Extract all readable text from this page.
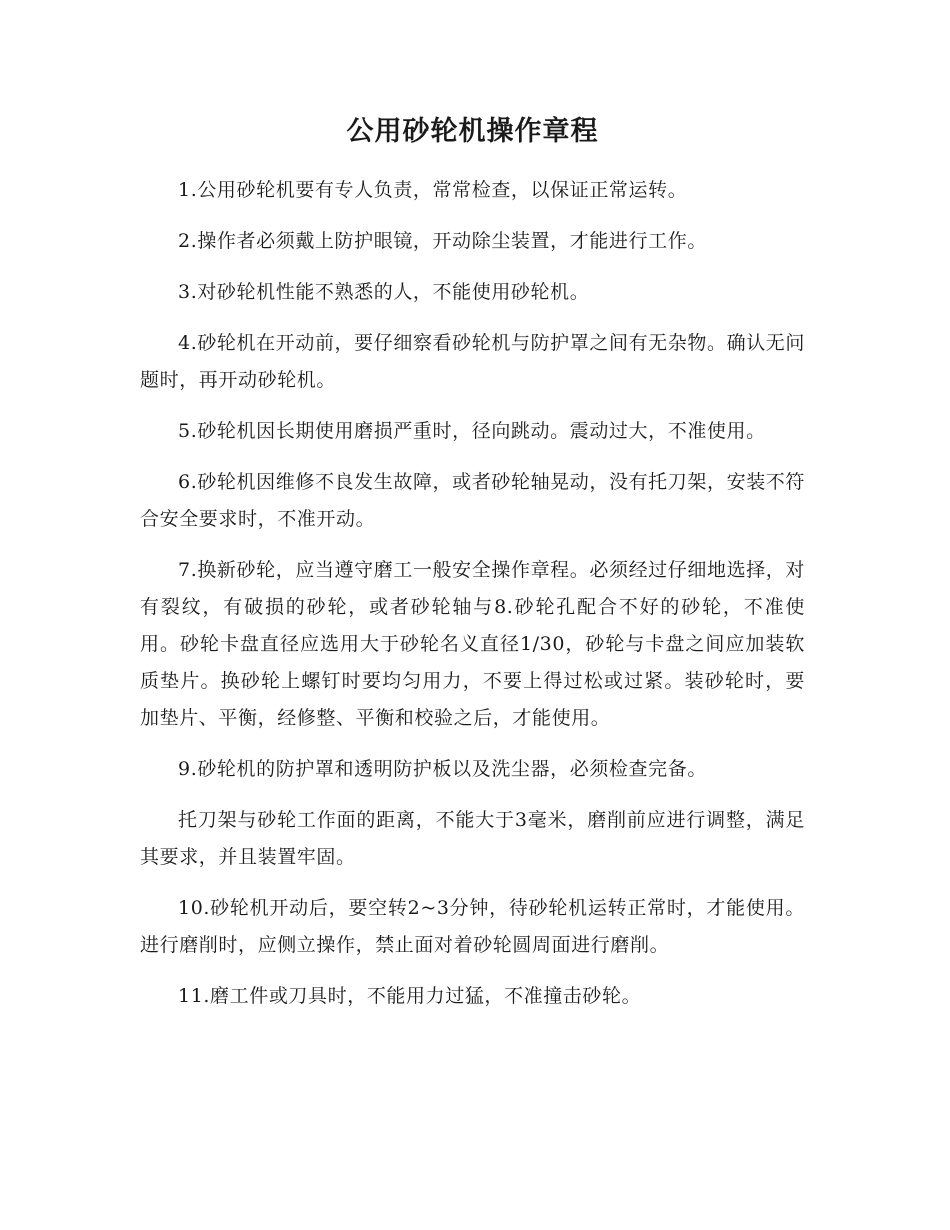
公用砂轮机操作章程

1.公用砂轮机要有专人负责，常常检查，以保证正常运转。

2.操作者必须戴上防护眼镜，开动除尘装置，才能进行工作。

3.对砂轮机性能不熟悉的人，不能使用砂轮机。

4.砂轮机在开动前，要仔细察看砂轮机与防护罩之间有无杂物。确认无问题时，再开动砂轮机。

5.砂轮机因长期使用磨损严重时，径向跳动。震动过大，不准使用。

6.砂轮机因维修不良发生故障，或者砂轮轴晃动，没有托刀架，安装不符合安全要求时，不准开动。

7.换新砂轮，应当遵守磨工一般安全操作章程。必须经过仔细地选择，对有裂纹，有破损的砂轮，或者砂轮轴与8.砂轮孔配合不好的砂轮，不准使用。砂轮卡盘直径应选用大于砂轮名义直径1/30，砂轮与卡盘之间应加装软质垫片。换砂轮上螺钉时要均匀用力，不要上得过松或过紧。装砂轮时，要加垫片、平衡，经修整、平衡和校验之后，才能使用。

9.砂轮机的防护罩和透明防护板以及洗尘器，必须检查完备。

托刀架与砂轮工作面的距离，不能大于3毫米，磨削前应进行调整，满足其要求，并且装置牢固。

10.砂轮机开动后，要空转2~3分钟，待砂轮机运转正常时，才能使用。进行磨削时，应侧立操作，禁止面对着砂轮圆周面进行磨削。

11.磨工件或刀具时，不能用力过猛，不准撞击砂轮。
